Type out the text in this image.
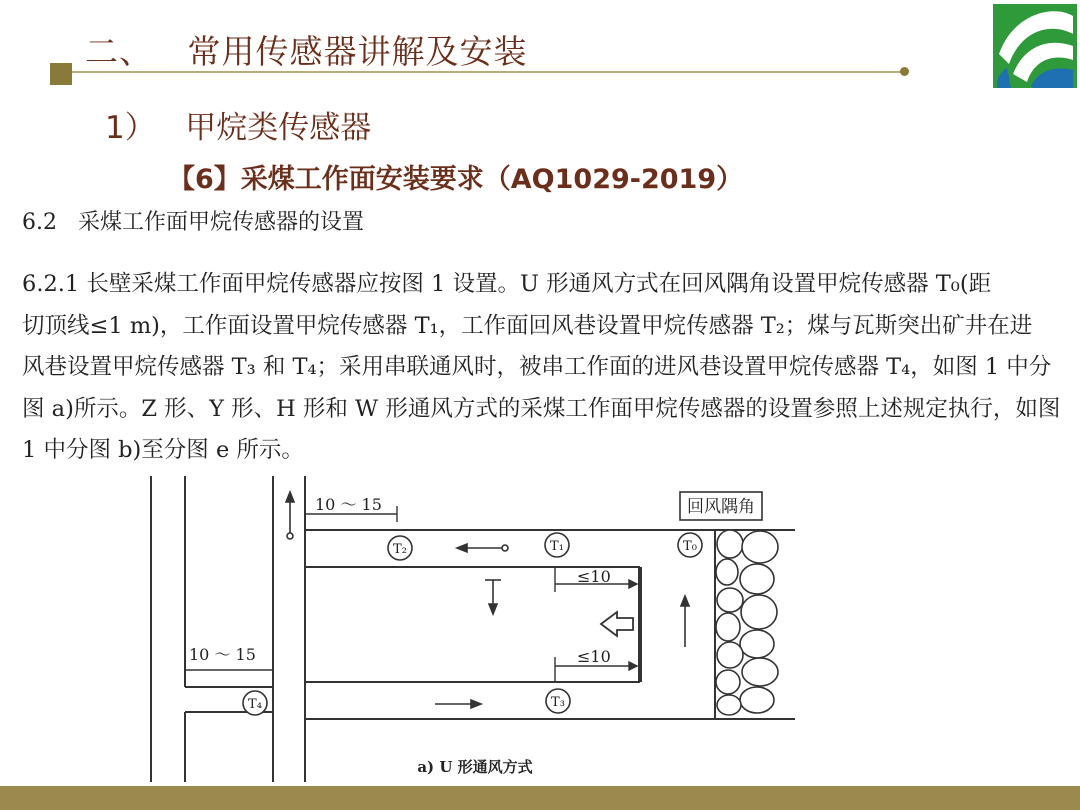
二、   常用传感器讲解及安装
1）   甲烷类传感器
【6】采煤工作面安装要求（AQ1029-2019）
6.2   采煤工作面甲烷传感器的设置

6.2.1 长壁采煤工作面甲烷传感器应按图 1 设置。U 形通风方式在回风隅角设置甲烷传感器 T₀(距

切顶线≤1 m)，工作面设置甲烷传感器 T₁，工作面回风巷设置甲烷传感器 T₂；煤与瓦斯突出矿井在进

风巷设置甲烷传感器 T₃ 和 T₄；采用串联通风时，被串工作面的进风巷设置甲烷传感器 T₄，如图 1 中分

图 a)所示。Z 形、Y 形、H 形和 W 形通风方式的采煤工作面甲烷传感器的设置参照上述规定执行，如图

1 中分图 b)至分图 e 所示。

回风隅角
10 ～ 15
10 ～ 15
≤10
≤10
T₀
T₁
T₂
T₃
T₄
a) U 形通风方式
